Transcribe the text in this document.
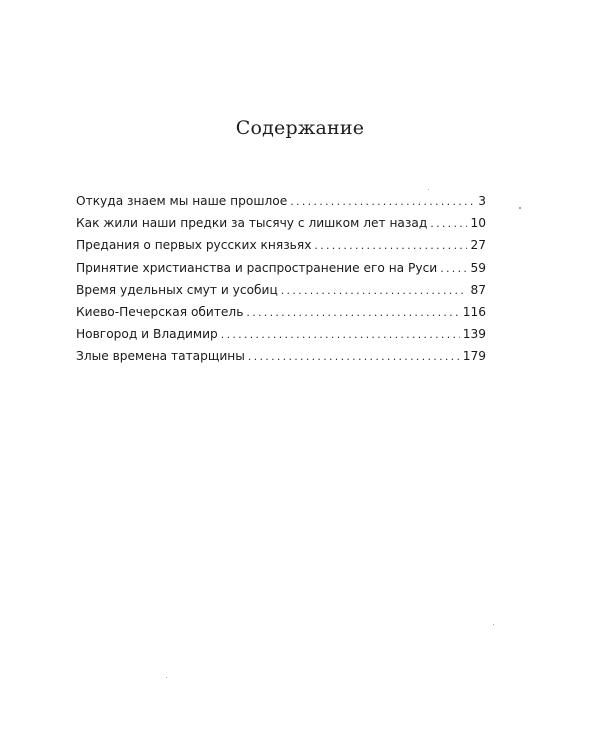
Содержание
Откуда знаем мы наше прошлое . . .	3
Как жили наши предки за тысячу с лишком лет назад . . .	10
Предания о первых русских князьях . . .	27
Принятие христианства и распространение его на Руси . . .	59
Время удельных смут и усобиц . . .	87
Киево-Печерская обитель . . .	116
Новгород и Владимир . . .	139
Злые времена татарщины . . .	179
